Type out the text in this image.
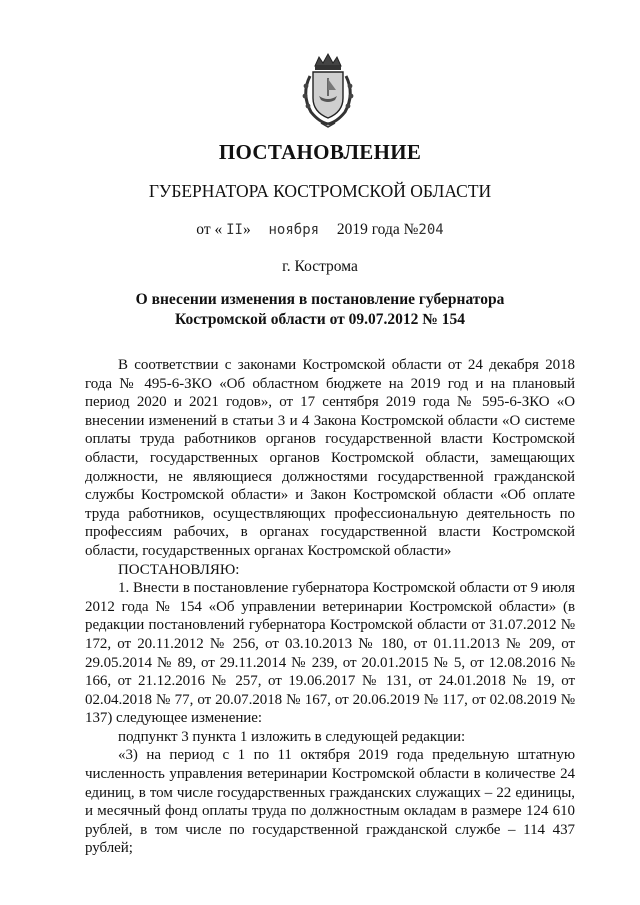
ПОСТАНОВЛЕНИЕ
ГУБЕРНАТОРА КОСТРОМСКОЙ ОБЛАСТИ
от « II» ноября 2019 года №204
г. Кострома
О внесении изменения в постановление губернатора
Костромской области от 09.07.2012 № 154

В соответствии с законами Костромской области от 24 декабря 2018 года № 495-6-ЗКО «Об областном бюджете на 2019 год и на плановый период 2020 и 2021 годов», от 17 сентября 2019 года № 595-6-ЗКО «О внесении изменений в статьи 3 и 4 Закона Костромской области «О системе оплаты труда работников органов государственной власти Костромской области, государственных органов Костромской области, замещающих должности, не являющиеся должностями государственной гражданской службы Костромской области» и Закон Костромской области «Об оплате труда работников, осуществляющих профессиональную деятельность по профессиям рабочих, в органах государственной власти Костромской области, государственных органах Костромской области»

ПОСТАНОВЛЯЮ:

1. Внести в постановление губернатора Костромской области от 9 июля 2012 года № 154 «Об управлении ветеринарии Костромской области» (в редакции постановлений губернатора Костромской области от 31.07.2012 № 172, от 20.11.2012 № 256, от 03.10.2013 № 180, от 01.11.2013 № 209, от 29.05.2014 № 89, от 29.11.2014 № 239, от 20.01.2015 № 5, от 12.08.2016 № 166, от 21.12.2016 № 257, от 19.06.2017 № 131, от 24.01.2018 № 19, от 02.04.2018 № 77, от 20.07.2018 № 167, от 20.06.2019 № 117, от 02.08.2019 № 137) следующее изменение:

подпункт 3 пункта 1 изложить в следующей редакции:

«3) на период с 1 по 11 октября 2019 года предельную штатную численность управления ветеринарии Костромской области в количестве 24 единиц, в том числе государственных гражданских служащих – 22 единицы, и месячный фонд оплаты труда по должностным окладам в размере 124 610 рублей, в том числе по государственной гражданской службе – 114 437 рублей;
